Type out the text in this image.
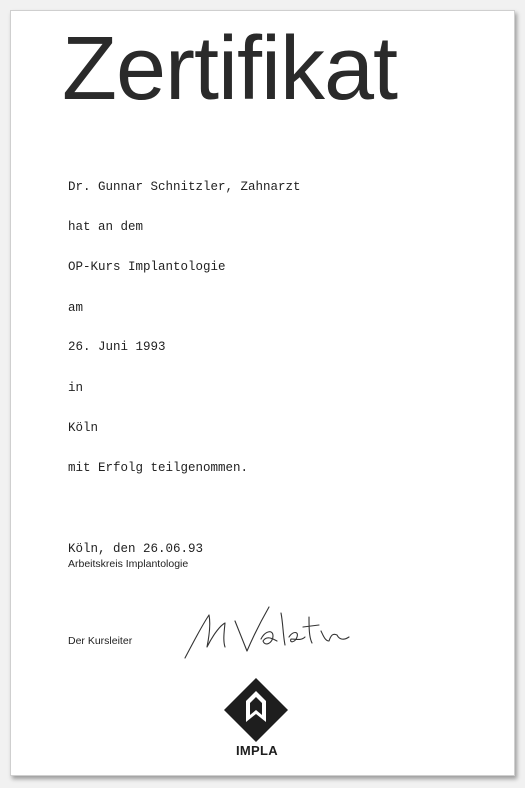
Zertifikat
Dr. Gunnar Schnitzler, Zahnarzt
hat an dem
OP-Kurs Implantologie
am
26. Juni 1993
in
Köln
mit Erfolg teilgenommen.
Köln, den 26.06.93
Arbeitskreis Implantologie
Der Kursleiter
IMPLA
